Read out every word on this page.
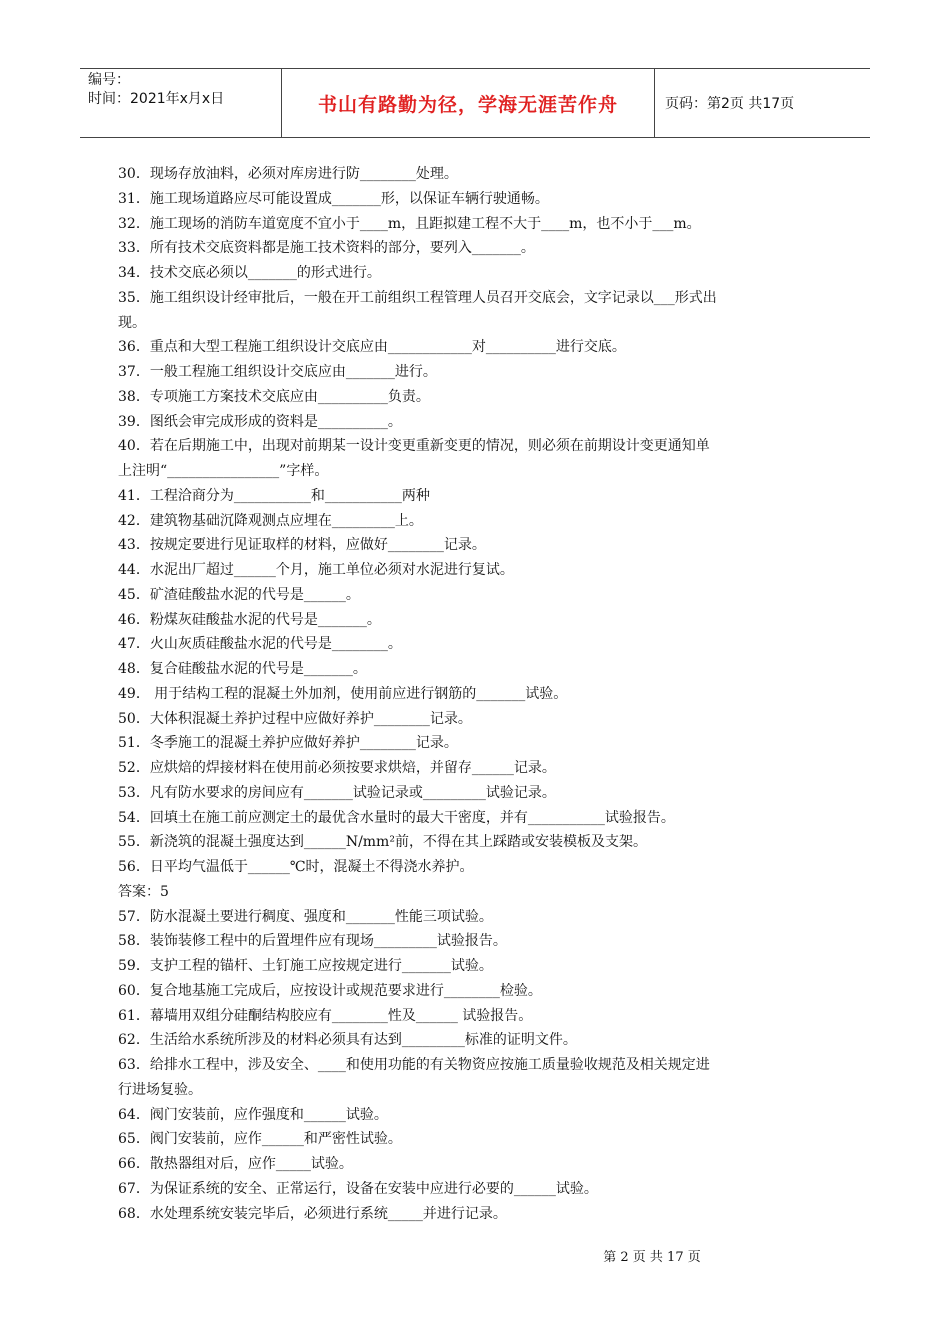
编号：
时间：2021年x月x日	书山有路勤为径，学海无涯苦作舟	页码：第2页 共17页
30．现场存放油料，必须对库房进行防________处理。
31．施工现场道路应尽可能设置成_______形，以保证车辆行驶通畅。
32．施工现场的消防车道宽度不宜小于____m，且距拟建工程不大于____m，也不小于___m。
33．所有技术交底资料都是施工技术资料的部分，要列入_______。
34．技术交底必须以_______的形式进行。
35．施工组织设计经审批后，一般在开工前组织工程管理人员召开交底会，文字记录以___形式出
现。
36．重点和大型工程施工组织设计交底应由____________对__________进行交底。
37．一般工程施工组织设计交底应由_______进行。
38．专项施工方案技术交底应由__________负责。
39．图纸会审完成形成的资料是__________。
40．若在后期施工中，出现对前期某一设计变更重新变更的情况，则必须在前期设计变更通知单
上注明“________________”字样。
41．工程洽商分为___________和___________两种
42．建筑物基础沉降观测点应埋在_________上。
43．按规定要进行见证取样的材料，应做好________记录。
44．水泥出厂超过______个月，施工单位必须对水泥进行复试。
45．矿渣硅酸盐水泥的代号是______。
46．粉煤灰硅酸盐水泥的代号是_______。
47．火山灰质硅酸盐水泥的代号是________。
48．复合硅酸盐水泥的代号是_______。
49． 用于结构工程的混凝土外加剂，使用前应进行钢筋的_______试验。
50．大体积混凝土养护过程中应做好养护________记录。
51．冬季施工的混凝土养护应做好养护________记录。
52．应烘焙的焊接材料在使用前必须按要求烘焙，并留存______记录。
53．凡有防水要求的房间应有_______试验记录或_________试验记录。
54．回填土在施工前应测定土的最优含水量时的最大干密度，并有___________试验报告。
55．新浇筑的混凝土强度达到______N/mm²前，不得在其上踩踏或安装模板及支架。
56．日平均气温低于______℃时，混凝土不得浇水养护。
答案：5
57．防水混凝土要进行稠度、强度和_______性能三项试验。
58．装饰装修工程中的后置埋件应有现场_________试验报告。
59．支护工程的锚杆、土钉施工应按规定进行_______试验。
60．复合地基施工完成后，应按设计或规范要求进行________检验。
61．幕墙用双组分硅酮结构胶应有________性及______ 试验报告。
62．生活给水系统所涉及的材料必须具有达到_________标准的证明文件。
63．给排水工程中，涉及安全、____和使用功能的有关物资应按施工质量验收规范及相关规定进
行进场复验。
64．阀门安装前，应作强度和______试验。
65．阀门安装前，应作______和严密性试验。
66．散热器组对后，应作_____试验。
67．为保证系统的安全、正常运行，设备在安装中应进行必要的______试验。
68．水处理系统安装完毕后，必须进行系统_____并进行记录。
第 2 页 共 17 页
